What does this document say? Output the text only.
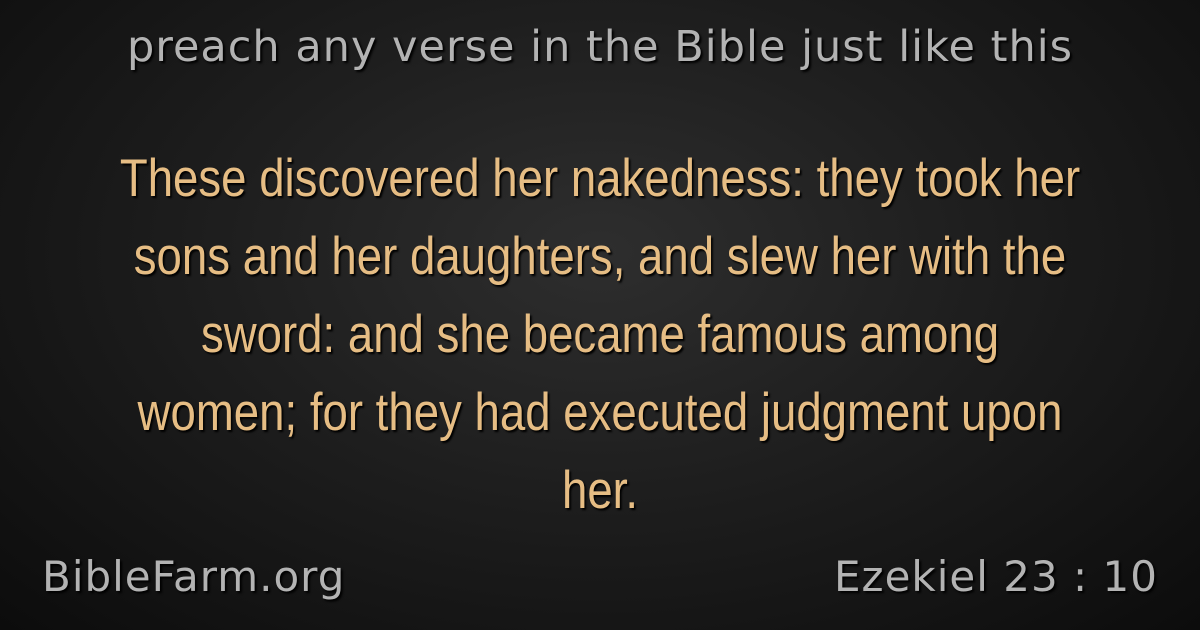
preach any verse in the Bible just like this
These discovered her nakedness: they took her sons and her daughters, and slew her with the sword: and she became famous among women; for they had executed judgment upon her.
BibleFarm.org	Ezekiel 23 : 10
